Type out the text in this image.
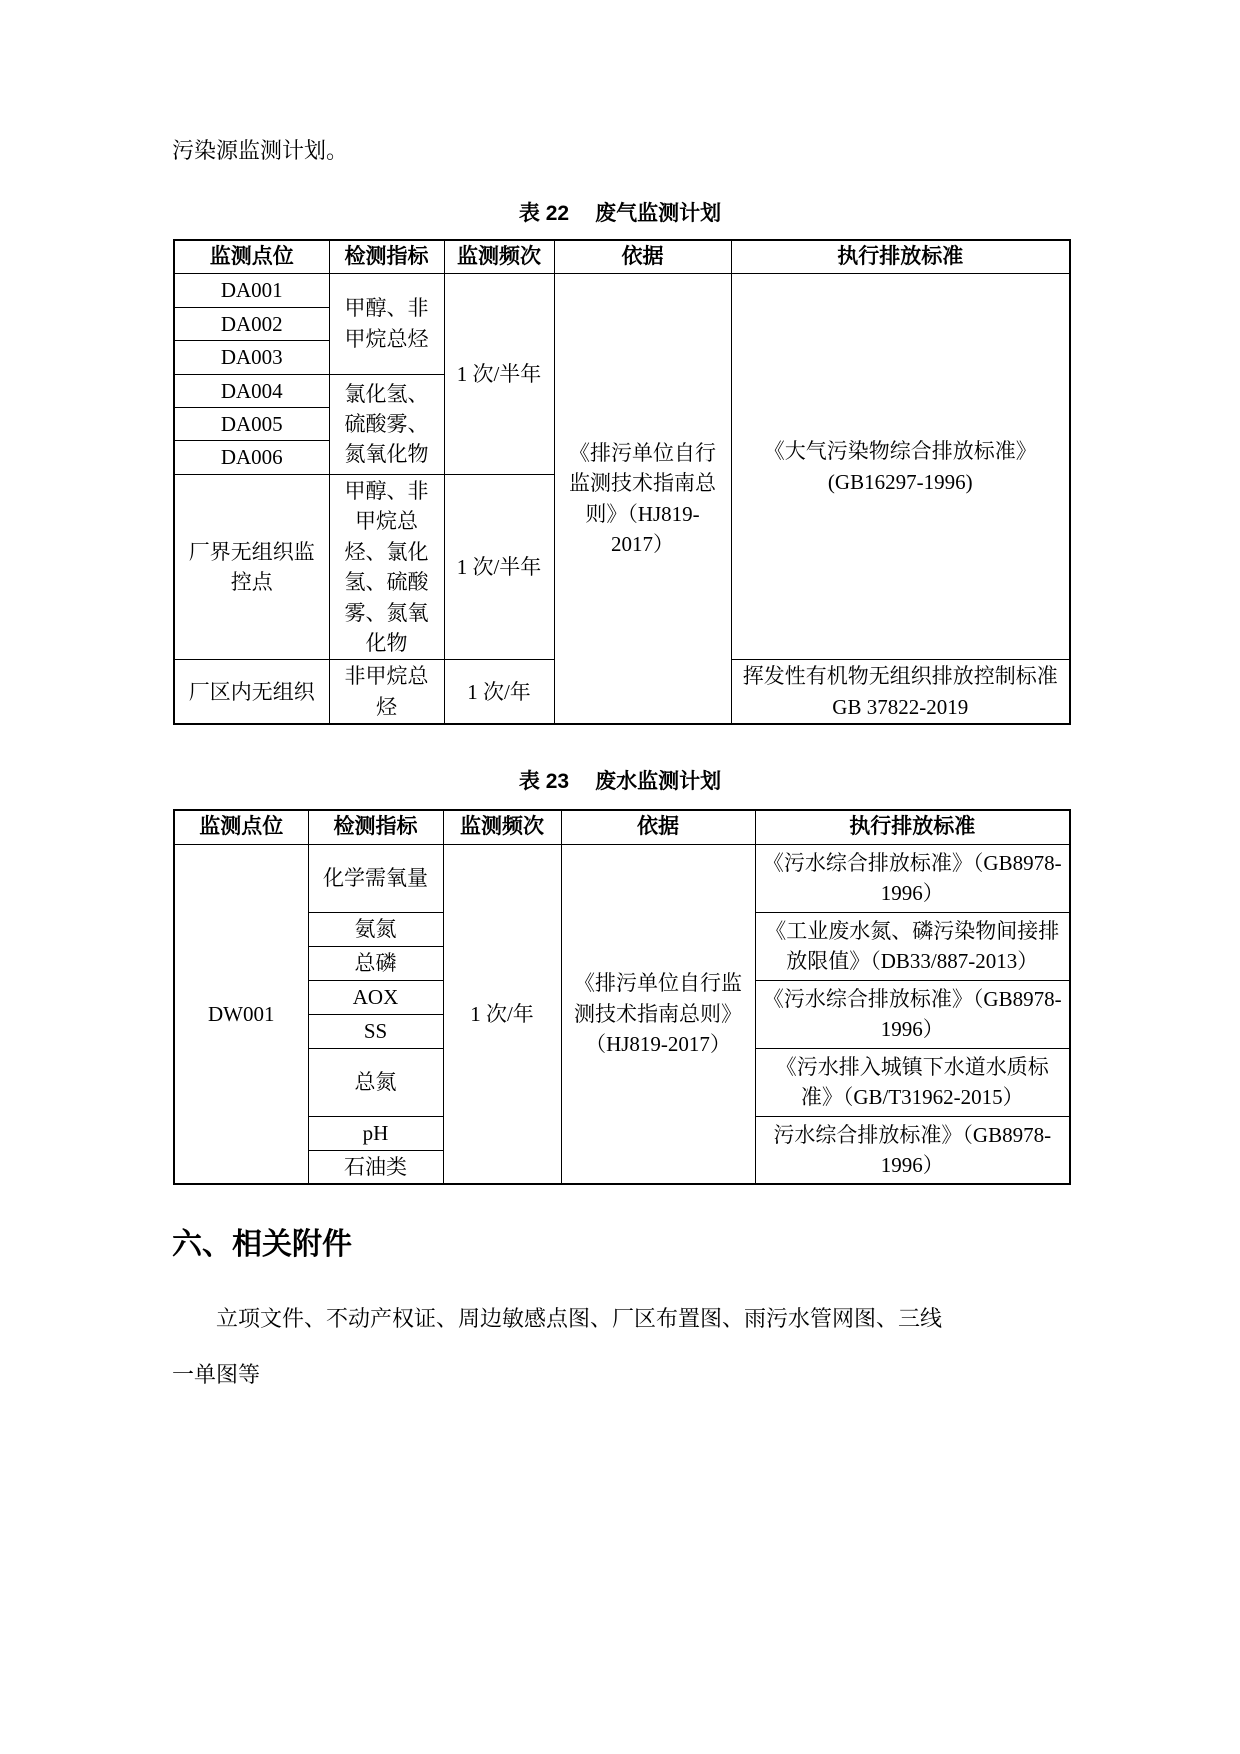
污染源监测计划。

表 22 废气监测计划

监测点位	检测指标	监测频次	依据	执行排放标准
DA001	甲醇、非甲烷总烃	1 次/半年	《排污单位自行监测技术指南总则》（HJ819-2017）	《大气污染物综合排放标准》(GB16297-1996)
DA002				
DA003				
DA004	氯化氢、硫酸雾、氮氧化物			
DA005				
DA006				
厂界无组织监控点	甲醇、非甲烷总烃、氯化氢、硫酸雾、氮氧化物	1 次/半年		
厂区内无组织	非甲烷总烃	1 次/年		挥发性有机物无组织排放控制标准 GB 37822-2019

表 23 废水监测计划

监测点位	检测指标	监测频次	依据	执行排放标准
DW001	化学需氧量	1 次/年	《排污单位自行监测技术指南总则》（HJ819-2017）	《污水综合排放标准》（GB8978-1996）
	氨氮			《工业废水氮、磷污染物间接排放限值》（DB33/887-2013）
	总磷			
	AOX			《污水综合排放标准》（GB8978-1996）
	SS			
	总氮			《污水排入城镇下水道水质标准》（GB/T31962-2015）
	pH			污水综合排放标准》（GB8978-1996）
	石油类			
六、相关附件

立项文件、不动产权证、周边敏感点图、厂区布置图、雨污水管网图、三线
一单图等
